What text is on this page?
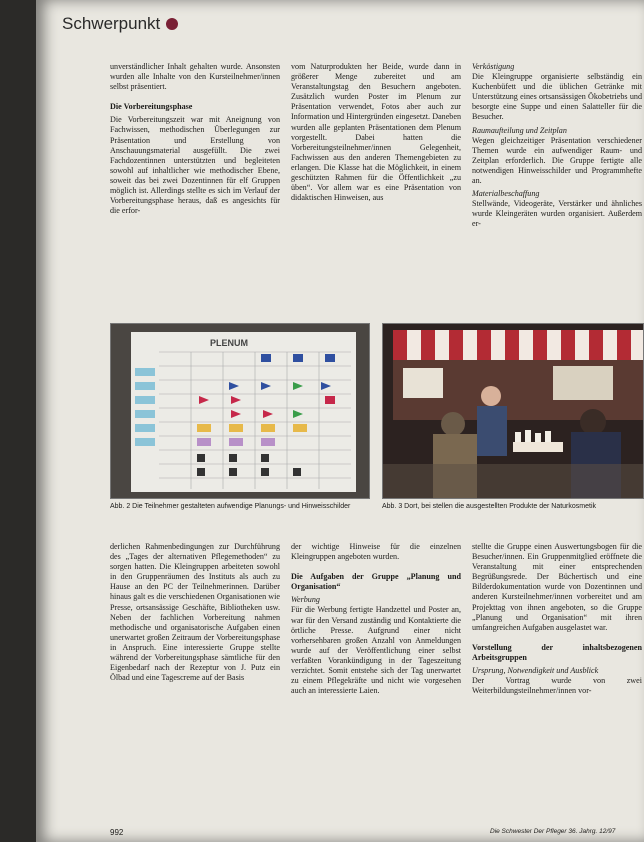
Schwerpunkt

unverständlicher Inhalt gehalten wurde. Ansonsten wurden alle Inhalte von den Kursteilnehmer/innen selbst präsentiert.

Die Vorbereitungsphase

Die Vorbereitungszeit war mit Aneignung von Fachwissen, methodischen Überlegungen zur Präsentation und Erstellung von Anschauungsmaterial ausgefüllt. Die zwei Fachdozentinnen unterstützten und begleiteten sowohl auf inhaltlicher wie methodischer Ebene, soweit das bei zwei Dozentinnen für elf Gruppen möglich ist. Allerdings stellte es sich im Verlauf der Vorbereitungsphase heraus, daß es angesichts für die erfor-

vom Naturprodukten her Beide, wurde dann in größerer Menge zubereitet und am Veranstaltungstag den Besuchern angeboten. Zusätzlich wurden Poster im Plenum zur Präsentation verwendet, Fotos aber auch zur Information und Hintergründen eingesetzt. Daneben wurden alle geplanten Präsentationen dem Plenum vorgestellt. Dabei hatten die Vorbereitungsteilnehmer/innen Gelegenheit, Fachwissen aus den anderen Themengebieten zu erlangen. Die Klasse hat die Möglichkeit, in einem geschützten Rahmen für die Öffentlichkeit „zu üben“. Vor allem war es eine Präsentation von didaktischen Hinweisen, aus

Verköstigung

Die Kleingruppe organisierte selbständig ein Kuchenbüfett und die üblichen Getränke mit Unterstützung eines ortsansässigen Ökobetriebs und besorgte eine Suppe und einen Salatteller für die Besucher.

Raumaufteilung und Zeitplan

Wegen gleichzeitiger Präsentation verschiedener Themen wurde ein aufwendiger Raum- und Zeitplan erforderlich. Die Gruppe fertigte alle notwendigen Hinweisschilder und Programmhefte an.

Materialbeschaffung

Stellwände, Videogeräte, Verstärker und ähnliches wurde Kleingeräten wurden organisiert. Außerdem er-

PLENUM
Abb. 2 Die Teilnehmer gestalteten aufwendige Planungs- und Hinweisschilder	Abb. 3 Dort, bei stellen die ausgestellten Produkte der Naturkosmetik

derlichen Rahmenbedingungen zur Durchführung des „Tages der alternativen Pflegemethoden“ zu sorgen hatten. Die Kleingruppen arbeiteten sowohl in den Gruppenräumen des Instituts als auch zu Hause an den PC der Teilnehmerinnen. Darüber hinaus galt es die verschiedenen Organisationen wie Presse, ortsansässige Geschäfte, Bibliotheken usw. Neben der fachlichen Vorbereitung nahmen methodische und organisatorische Aufgaben einen unerwartet großen Zeitraum der Vorbereitungsphase in Anspruch. Eine interessierte Gruppe stellte während der Vorbereitungsphase sämtliche für den Eigenbedarf nach der Rezeptur von J. Putz ein Ölbad und eine Tagescreme auf der Basis

der wichtige Hinweise für die einzelnen Kleingruppen angeboten wurden.

Die Aufgaben der Gruppe „Planung und Organisation“

Werbung

Für die Werbung fertigte Handzettel und Poster an, war für den Versand zuständig und Kontaktierte die örtliche Presse. Aufgrund einer nicht vorhersehbaren großen Anzahl von Anmeldungen wurde auf der Veröffentlichung einer selbst verfaßten Vorankündigung in der Tageszeitung verzichtet. Somit entstehe sich der Tag unerwartet zu einem Pflegekräfte und nicht wie vorgesehen auch an interessierte Laien.

stellte die Gruppe einen Auswertungsbogen für die Besucher/innen. Ein Gruppenmitglied eröffnete die Veranstaltung mit einer entsprechenden Begrüßungsrede. Der Büchertisch und eine Bilderdokumentation wurde von Dozentinnen und anderen Kursteilnehmer/innen vorbereitet und am Projekttag von ihnen angeboten, so die Gruppe „Planung und Organisation“ mit ihren umfangreichen Aufgaben ausgelastet war.

Vorstellung der inhaltsbezogenen Arbeitsgruppen

Ursprung, Notwendigkeit und Ausblick

Der Vortrag wurde von zwei Weiterbildungsteilnehmer/innen vor-

992	Die Schwester Der Pfleger 36. Jahrg. 12/97
